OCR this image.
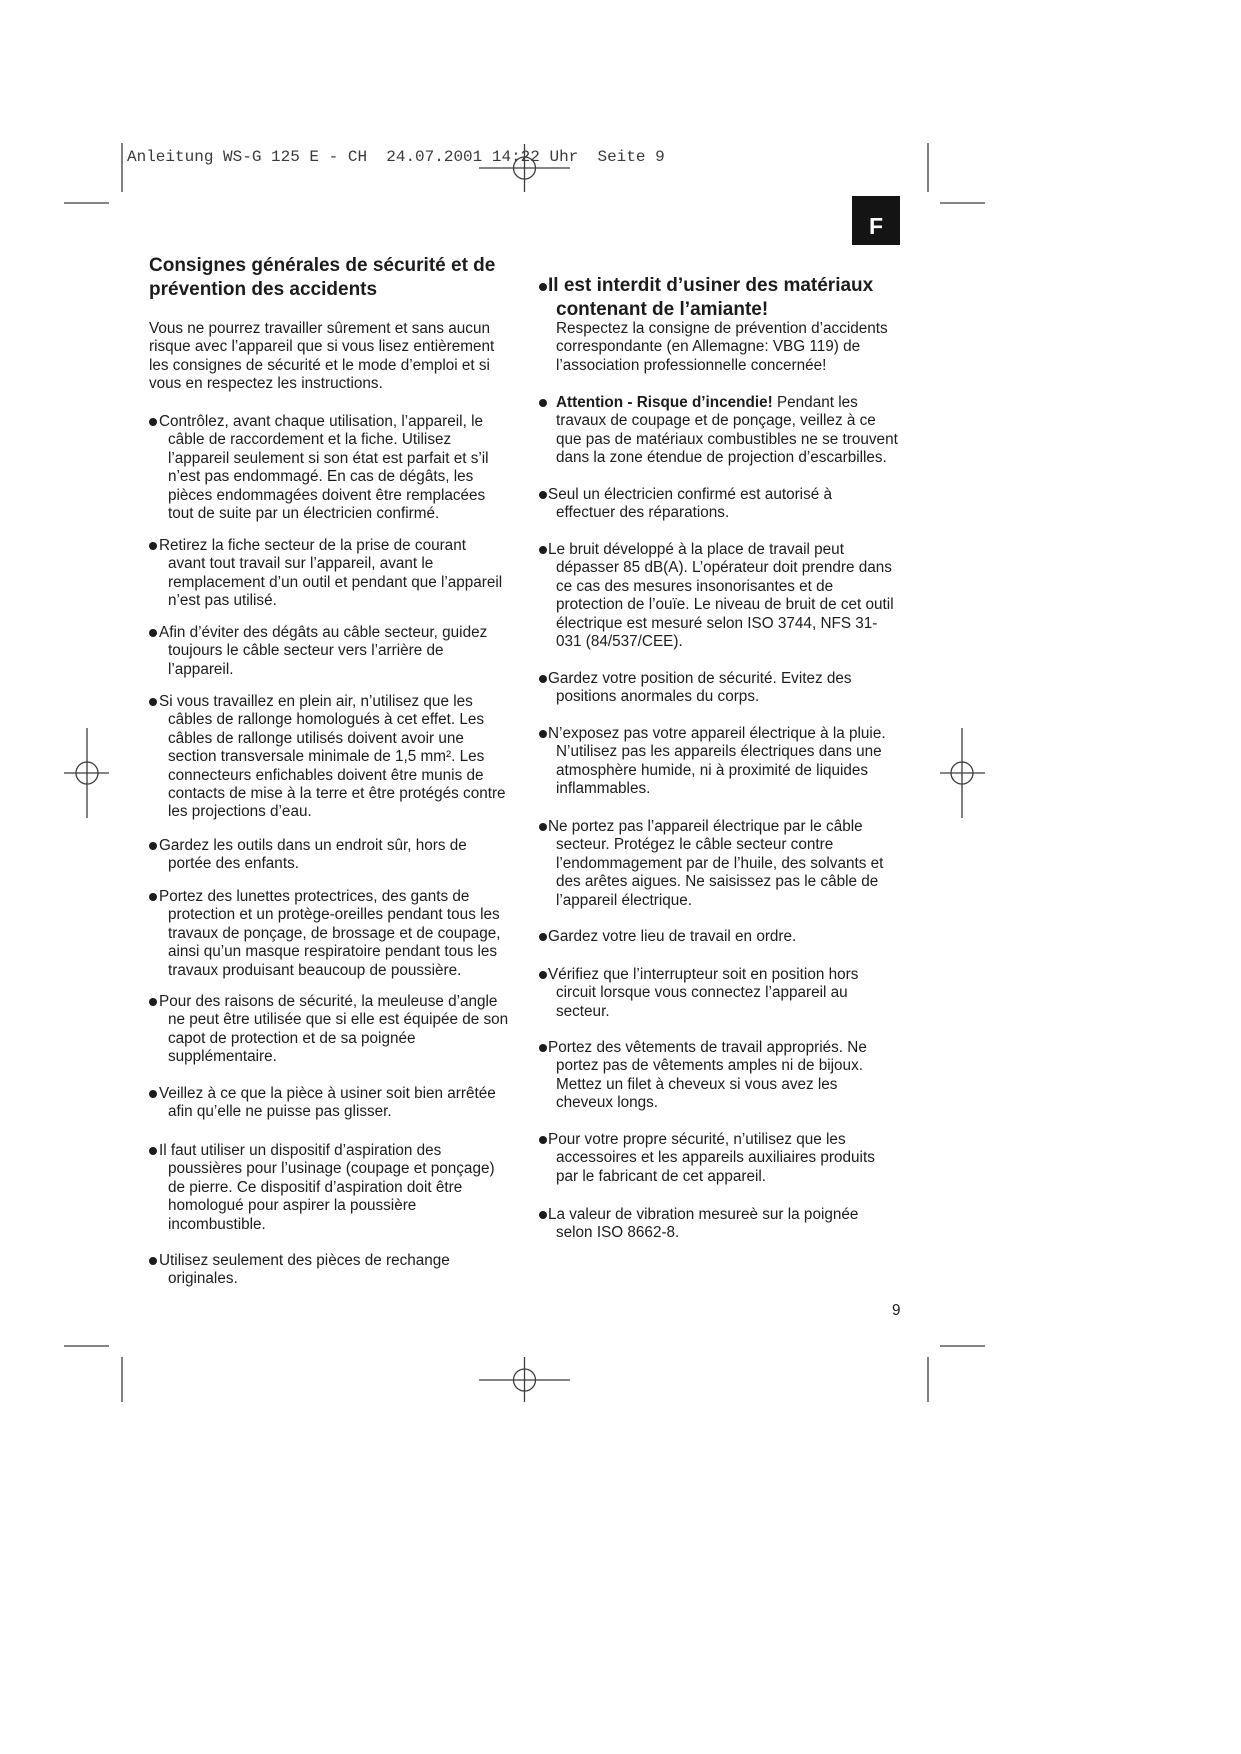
Anleitung WS-G 125 E - CH  24.07.2001 14:22 Uhr  Seite 9
F
Consignes générales de sécurité et de
prévention des accidents
Vous ne pourrez travailler sûrement et sans aucun
risque avec l’appareil que si vous lisez entièrement
les consignes de sécurité et le mode d’emploi et si
vous en respectez les instructions.
Contrôlez, avant chaque utilisation, l’appareil, le
câble de raccordement et la fiche. Utilisez
l’appareil seulement si son état est parfait et s’il
n’est pas endommagé. En cas de dégâts, les
pièces endommagées doivent être remplacées
tout de suite par un électricien confirmé.
Retirez la fiche secteur de la prise de courant
avant tout travail sur l’appareil, avant le
remplacement d’un outil et pendant que l’appareil
n’est pas utilisé.
Afin d’éviter des dégâts au câble secteur, guidez
toujours le câble secteur vers l’arrière de
l’appareil.
Si vous travaillez en plein air, n’utilisez que les
câbles de rallonge homologués à cet effet. Les
câbles de rallonge utilisés doivent avoir une
section transversale minimale de 1,5 mm². Les
connecteurs enfichables doivent être munis de
contacts de mise à la terre et être protégés contre
les projections d’eau.
Gardez les outils dans un endroit sûr, hors de
portée des enfants.
Portez des lunettes protectrices, des gants de
protection et un protège-oreilles pendant tous les
travaux de ponçage, de brossage et de coupage,
ainsi qu’un masque respiratoire pendant tous les
travaux produisant beaucoup de poussière.
Pour des raisons de sécurité, la meuleuse d’angle
ne peut être utilisée que si elle est équipée de son
capot de protection et de sa poignée
supplémentaire.
Veillez à ce que la pièce à usiner soit bien arrêtée
afin qu’elle ne puisse pas glisser.
Il faut utiliser un dispositif d’aspiration des
poussières pour l’usinage (coupage et ponçage)
de pierre. Ce dispositif d’aspiration doit être
homologué pour aspirer la poussière
incombustible.
Utilisez seulement des pièces de rechange
originales.
Il est interdit d’usiner des matériaux
contenant de l’amiante!
Respectez la consigne de prévention d’accidents
correspondante (en Allemagne: VBG 119) de
l’association professionnelle concernée!
Attention - Risque d’incendie! Pendant les
travaux de coupage et de ponçage, veillez à ce
que pas de matériaux combustibles ne se trouvent
dans la zone étendue de projection d’escarbilles.
Seul un électricien confirmé est autorisé à
effectuer des réparations.
Le bruit développé à la place de travail peut
dépasser 85 dB(A). L’opérateur doit prendre dans
ce cas des mesures insonorisantes et de
protection de l’ouïe. Le niveau de bruit de cet outil
électrique est mesuré selon ISO 3744, NFS 31-
031 (84/537/CEE).
Gardez votre position de sécurité. Evitez des
positions anormales du corps.
N’exposez pas votre appareil électrique à la pluie.
N’utilisez pas les appareils électriques dans une
atmosphère humide, ni à proximité de liquides
inflammables.
Ne portez pas l’appareil électrique par le câble
secteur. Protégez le câble secteur contre
l’endommagement par de l’huile, des solvants et
des arêtes aigues. Ne saisissez pas le câble de
l’appareil électrique.
Gardez votre lieu de travail en ordre.
Vérifiez que l’interrupteur soit en position hors
circuit lorsque vous connectez l’appareil au
secteur.
Portez des vêtements de travail appropriés. Ne
portez pas de vêtements amples ni de bijoux.
Mettez un filet à cheveux si vous avez les
cheveux longs.
Pour votre propre sécurité, n’utilisez que les
accessoires et les appareils auxiliaires produits
par le fabricant de cet appareil.
La valeur de vibration mesureè sur la poignée
selon ISO 8662-8.
9
